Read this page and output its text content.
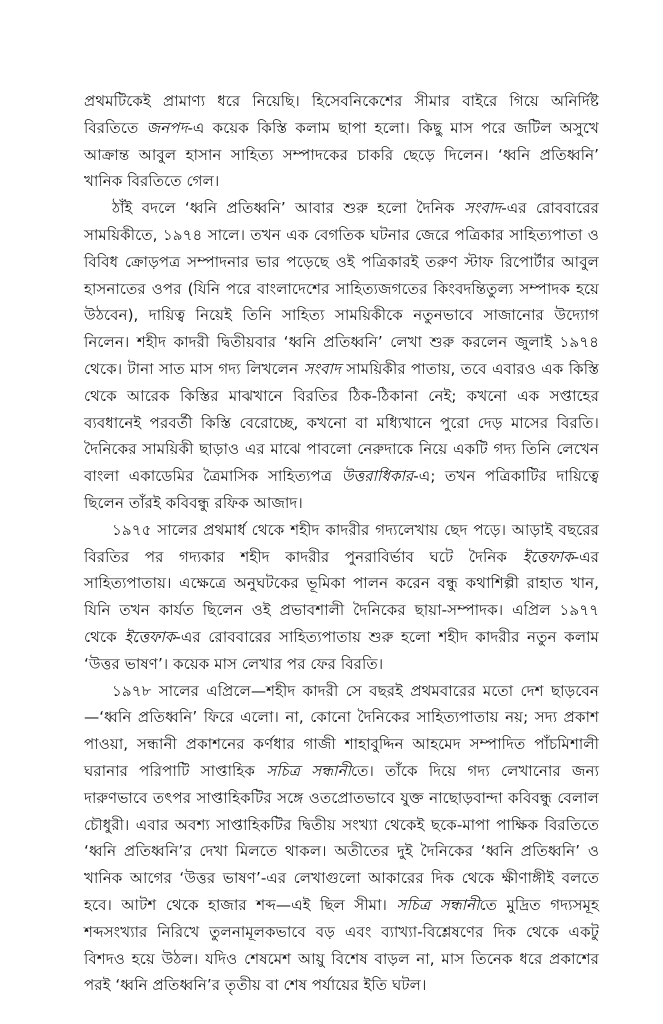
প্রথমটিকেই প্রামাণ্য ধরে নিয়েছি। হিসেবনিকেশের সীমার বাইরে গিয়ে অনির্দিষ্ট বিরতিতে জনপদ-এ কয়েক কিস্তি কলাম ছাপা হলো। কিছু মাস পরে জটিল অসুখে আক্রান্ত আবুল হাসান সাহিত্য সম্পাদকের চাকরি ছেড়ে দিলেন। ‘ধ্বনি প্রতিধ্বনি’ খানিক বিরতিতে গেল।

ঠাঁই বদলে ‘ধ্বনি প্রতিধ্বনি’ আবার শুরু হলো দৈনিক সংবাদ-এর রোববারের সাময়িকীতে, ১৯৭৪ সালে। তখন এক বেগতিক ঘটনার জেরে পত্রিকার সাহিত্যপাতা ও বিবিধ ক্রোড়পত্র সম্পাদনার ভার পড়েছে ওই পত্রিকারই তরুণ স্টাফ রিপোর্টার আবুল হাসনাতের ওপর (যিনি পরে বাংলাদেশের সাহিত্যজগতের কিংবদন্তিতুল্য সম্পাদক হয়ে উঠবেন), দায়িত্ব নিয়েই তিনি সাহিত্য সাময়িকীকে নতুনভাবে সাজানোর উদ্যোগ নিলেন। শহীদ কাদরী দ্বিতীয়বার ‘ধ্বনি প্রতিধ্বনি’ লেখা শুরু করলেন জুলাই ১৯৭৪ থেকে। টানা সাত মাস গদ্য লিখলেন সংবাদ সাময়িকীর পাতায়, তবে এবারও এক কিস্তি থেকে আরেক কিস্তির মাঝখানে বিরতির ঠিক-ঠিকানা নেই; কখনো এক সপ্তাহের ব্যবধানেই পরবর্তী কিস্তি বেরোচ্ছে, কখনো বা মধ্যিখানে পুরো দেড় মাসের বিরতি। দৈনিকের সাময়িকী ছাড়াও এর মাঝে পাবলো নেরুদাকে নিয়ে একটি গদ্য তিনি লেখেন বাংলা একাডেমির ত্রৈমাসিক সাহিত্যপত্র উত্তরাধিকার-এ; তখন পত্রিকাটির দায়িত্বে ছিলেন তাঁরই কবিবন্ধু রফিক আজাদ।

১৯৭৫ সালের প্রথমার্ধ থেকে শহীদ কাদরীর গদ্যলেখায় ছেদ পড়ে। আড়াই বছরের বিরতির পর গদ্যকার শহীদ কাদরীর পুনরাবির্ভাব ঘটে দৈনিক ইত্তেফাক-এর সাহিত্যপাতায়। এক্ষেত্রে অনুঘটকের ভূমিকা পালন করেন বন্ধু কথাশিল্পী রাহাত খান, যিনি তখন কার্যত ছিলেন ওই প্রভাবশালী দৈনিকের ছায়া-সম্পাদক। এপ্রিল ১৯৭৭ থেকে ইত্তেফাক-এর রোববারের সাহিত্যপাতায় শুরু হলো শহীদ কাদরীর নতুন কলাম ‘উত্তর ভাষণ’। কয়েক মাস লেখার পর ফের বিরতি।

১৯৭৮ সালের এপ্রিলে—শহীদ কাদরী সে বছরই প্রথমবারের মতো দেশ ছাড়বেন—‘ধ্বনি প্রতিধ্বনি’ ফিরে এলো। না, কোনো দৈনিকের সাহিত্যপাতায় নয়; সদ্য প্রকাশ পাওয়া, সন্ধানী প্রকাশনের কর্ণধার গাজী শাহাবুদ্দিন আহমেদ সম্পাদিত পাঁচমিশালী ঘরানার পরিপাটি সাপ্তাহিক সচিত্র সন্ধানীতে। তাঁকে দিয়ে গদ্য লেখানোর জন্য দারুণভাবে তৎপর সাপ্তাহিকটির সঙ্গে ওতপ্রোতভাবে যুক্ত নাছোড়বান্দা কবিবন্ধু বেলাল চৌধুরী। এবার অবশ্য সাপ্তাহিকটির দ্বিতীয় সংখ্যা থেকেই ছকে-মাপা পাক্ষিক বিরতিতে ‘ধ্বনি প্রতিধ্বনি’র দেখা মিলতে থাকল। অতীতের দুই দৈনিকের ‘ধ্বনি প্রতিধ্বনি’ ও খানিক আগের ‘উত্তর ভাষণ’-এর লেখাগুলো আকারের দিক থেকে ক্ষীণাঙ্গীই বলতে হবে। আটশ থেকে হাজার শব্দ—এই ছিল সীমা। সচিত্র সন্ধানীতে মুদ্রিত গদ্যসমূহ শব্দসংখ্যার নিরিখে তুলনামূলকভাবে বড় এবং ব্যাখ্যা-বিশ্লেষণের দিক থেকে একটু বিশদও হয়ে উঠল। যদিও শেষমেশ আয়ু বিশেষ বাড়ল না, মাস তিনেক ধরে প্রকাশের পরই ‘ধ্বনি প্রতিধ্বনি’র তৃতীয় বা শেষ পর্যায়ের ইতি ঘটল।
